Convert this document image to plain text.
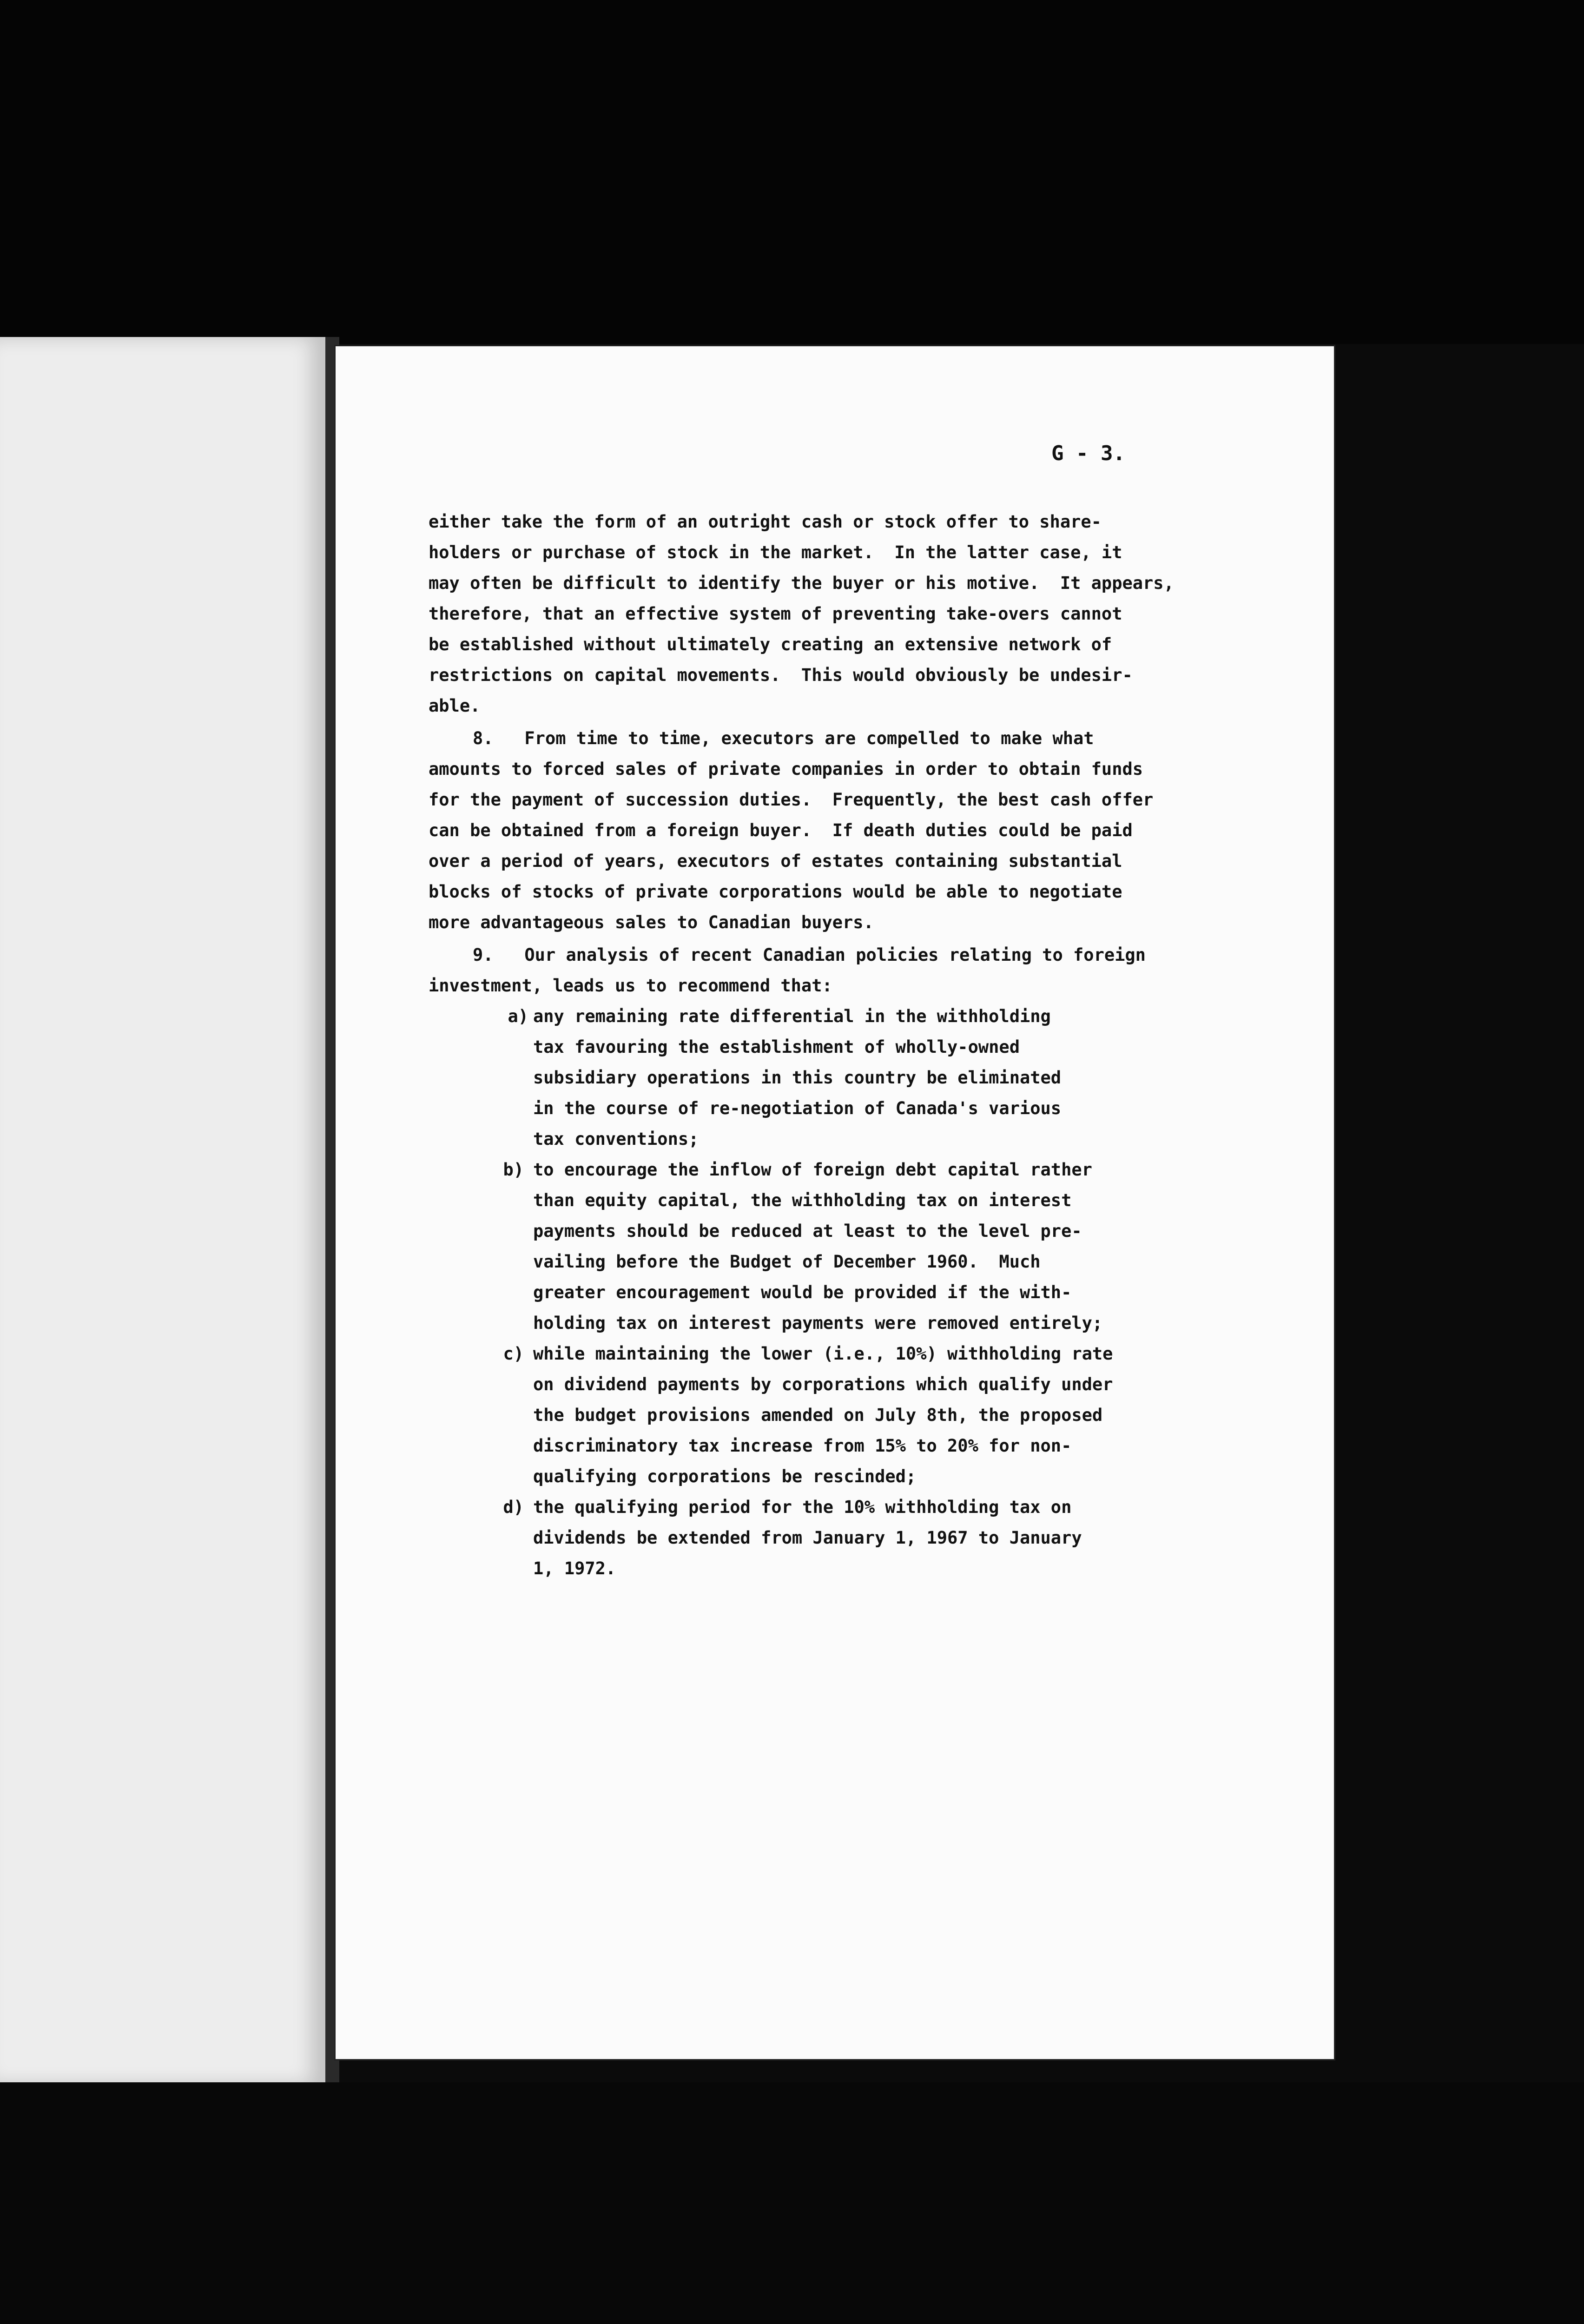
G - 3.

either take the form of an outright cash or stock offer to share-

holders or purchase of stock in the market.  In the latter case, it

may often be difficult to identify the buyer or his motive.  It appears,

therefore, that an effective system of preventing take-overs cannot

be established without ultimately creating an extensive network of

restrictions on capital movements.  This would obviously be undesir-

able.

8. From time to time, executors are compelled to make what

amounts to forced sales of private companies in order to obtain funds

for the payment of succession duties.  Frequently, the best cash offer

can be obtained from a foreign buyer.  If death duties could be paid

over a period of years, executors of estates containing substantial

blocks of stocks of private corporations would be able to negotiate

more advantageous sales to Canadian buyers.

9. Our analysis of recent Canadian policies relating to foreign

investment, leads us to recommend that:

a) any remaining rate differential in the withholding

tax favouring the establishment of wholly-owned

subsidiary operations in this country be eliminated

in the course of re-negotiation of Canada's various

tax conventions;

b) to encourage the inflow of foreign debt capital rather

than equity capital, the withholding tax on interest

payments should be reduced at least to the level pre-

vailing before the Budget of December 1960.  Much

greater encouragement would be provided if the with-

holding tax on interest payments were removed entirely;

c) while maintaining the lower (i.e., 10%) withholding rate

on dividend payments by corporations which qualify under

the budget provisions amended on July 8th, the proposed

discriminatory tax increase from 15% to 20% for non-

qualifying corporations be rescinded;

d) the qualifying period for the 10% withholding tax on

dividends be extended from January 1, 1967 to January

1, 1972.
